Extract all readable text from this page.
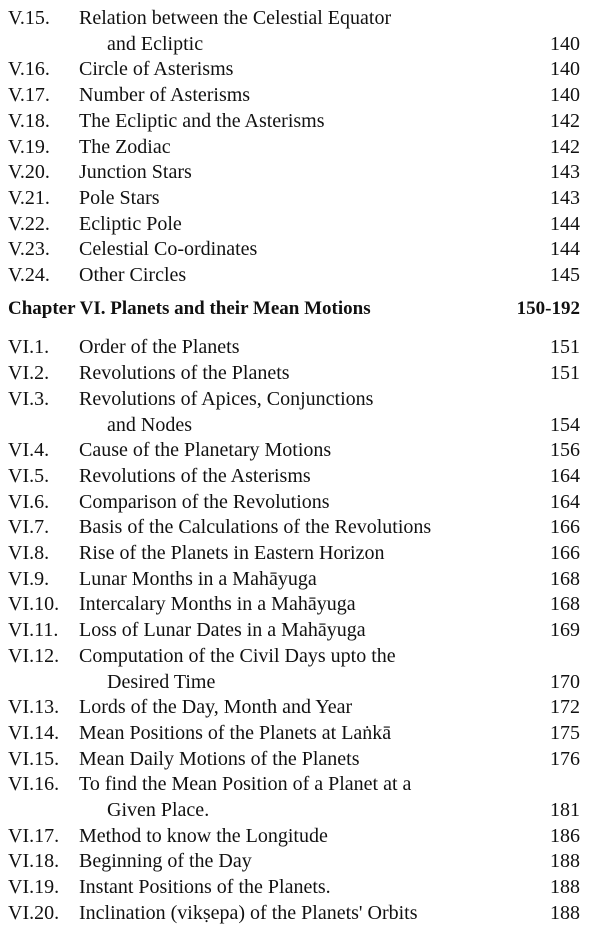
V.15. Relation between the Celestial Equator
and Ecliptic	140
V.16. Circle of Asterisms	140
V.17. Number of Asterisms	140
V.18. The Ecliptic and the Asterisms	142
V.19. The Zodiac	142
V.20. Junction Stars	143
V.21. Pole Stars	143
V.22. Ecliptic Pole	144
V.23. Celestial Co-ordinates	144
V.24. Other Circles	145
Chapter VI. Planets and their Mean Motions	150-192
VI.1. Order of the Planets	151
VI.2. Revolutions of the Planets	151
VI.3. Revolutions of Apices, Conjunctions
and Nodes	154
VI.4. Cause of the Planetary Motions	156
VI.5. Revolutions of the Asterisms	164
VI.6. Comparison of the Revolutions	164
VI.7. Basis of the Calculations of the Revolutions	166
VI.8. Rise of the Planets in Eastern Horizon	166
VI.9. Lunar Months in a Mahāyuga	168
VI.10. Intercalary Months in a Mahāyuga	168
VI.11. Loss of Lunar Dates in a Mahāyuga	169
VI.12. Computation of the Civil Days upto the
Desired Time	170
VI.13. Lords of the Day, Month and Year	172
VI.14. Mean Positions of the Planets at Laṅkā	175
VI.15. Mean Daily Motions of the Planets	176
VI.16. To find the Mean Position of a Planet at a
Given Place.	181
VI.17. Method to know the Longitude	186
VI.18. Beginning of the Day	188
VI.19. Instant Positions of the Planets.	188
VI.20. Inclination (vikṣepa) of the Planets' Orbits	188
